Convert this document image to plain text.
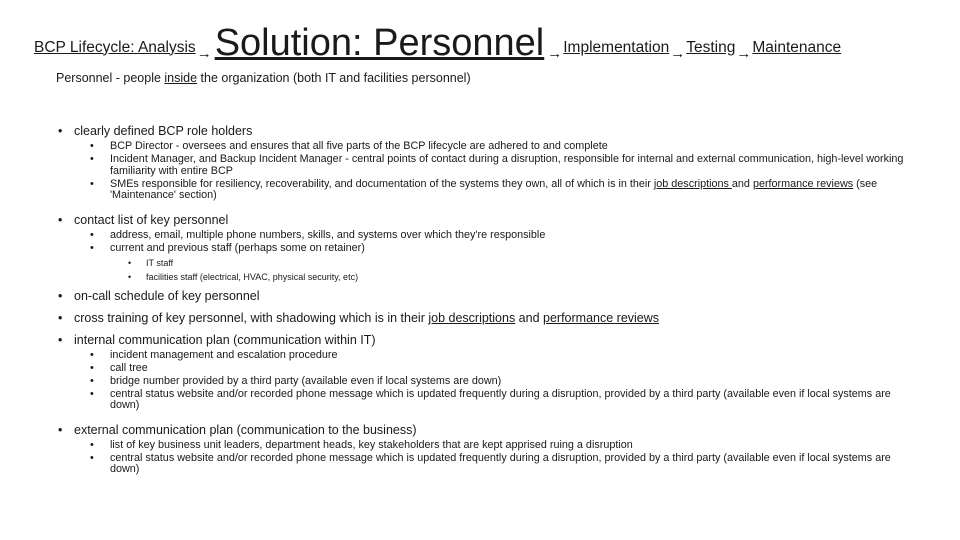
BCP Lifecycle: Analysis → Solution: Personnel → Implementation → Testing → Maintenance
Personnel - people inside the organization (both IT and facilities personnel)
• clearly defined BCP role holders
• BCP Director - oversees and ensures that all five parts of the BCP lifecycle are adhered to and complete
• Incident Manager, and Backup Incident Manager - central points of contact during a disruption, responsible for internal and external communication, high-level working familiarity with entire BCP
• SMEs responsible for resiliency, recoverability, and documentation of the systems they own, all of which is in their job descriptions and performance reviews (see 'Maintenance' section)
• contact list of key personnel
• address, email, multiple phone numbers, skills, and systems over which they're responsible
• current and previous staff (perhaps some on retainer)
• IT staff
• facilities staff (electrical, HVAC, physical security, etc)
• on-call schedule of key personnel
• cross training of key personnel, with shadowing which is in their job descriptions and performance reviews
• internal communication plan (communication within IT)
• incident management and escalation procedure
• call tree
• bridge number provided by a third party (available even if local systems are down)
• central status website and/or recorded phone message which is updated frequently during a disruption, provided by a third party (available even if local systems are down)
• external communication plan (communication to the business)
• list of key business unit leaders, department heads, key stakeholders that are kept apprised ruing a disruption
• central status website and/or recorded phone message which is updated frequently during a disruption, provided by a third party (available even if local systems are down)
